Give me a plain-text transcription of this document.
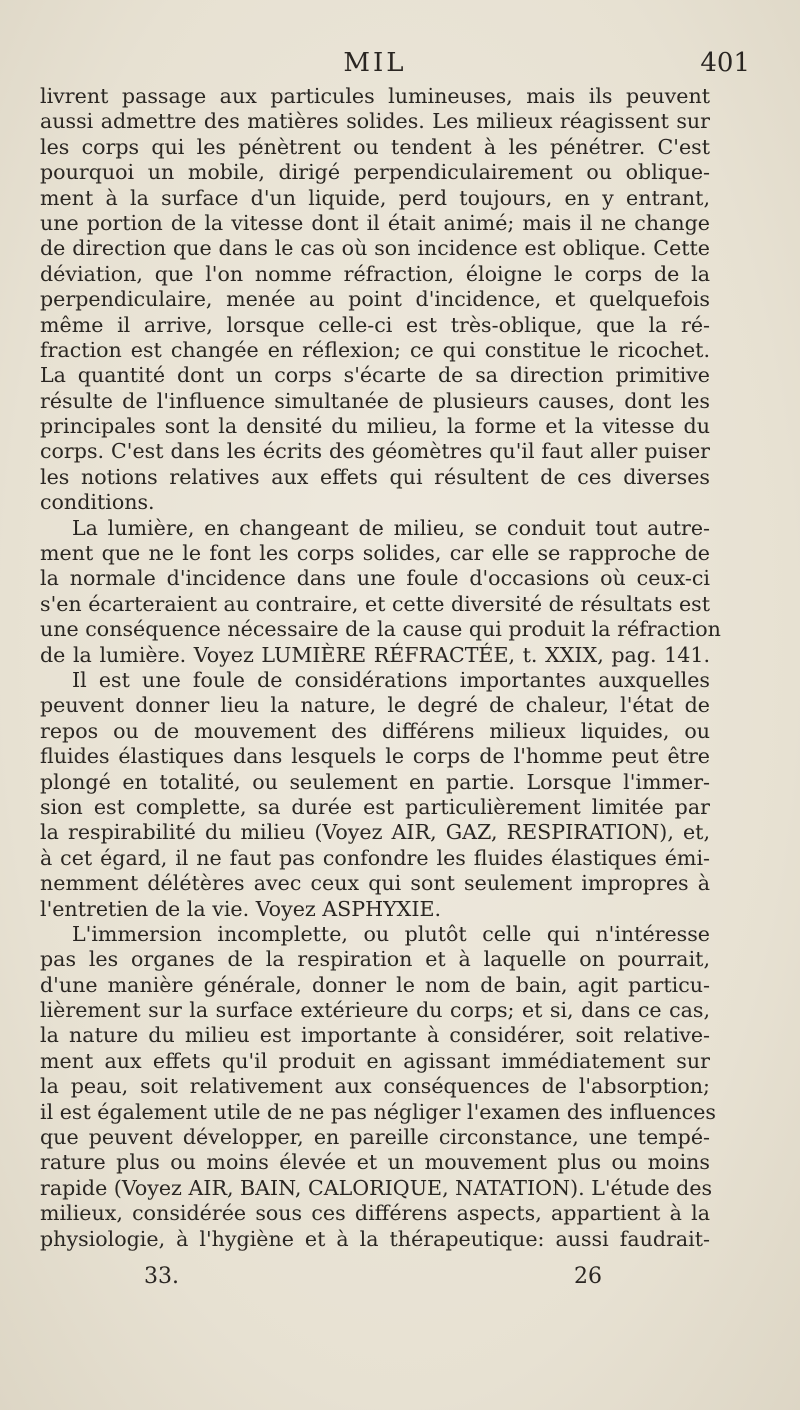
MIL	401
livrent passage aux particules lumineuses, mais ils peuvent
aussi admettre des matières solides. Les milieux réagissent sur
les corps qui les pénètrent ou tendent à les pénétrer. C'est
pourquoi un mobile, dirigé perpendiculairement ou oblique-
ment à la surface d'un liquide, perd toujours, en y entrant,
une portion de la vitesse dont il était animé; mais il ne change
de direction que dans le cas où son incidence est oblique. Cette
déviation, que l'on nomme réfraction, éloigne le corps de la
perpendiculaire, menée au point d'incidence, et quelquefois
même il arrive, lorsque celle-ci est très-oblique, que la ré-
fraction est changée en réflexion; ce qui constitue le ricochet.
La quantité dont un corps s'écarte de sa direction primitive
résulte de l'influence simultanée de plusieurs causes, dont les
principales sont la densité du milieu, la forme et la vitesse du
corps. C'est dans les écrits des géomètres qu'il faut aller puiser
les notions relatives aux effets qui résultent de ces diverses
conditions.
La lumière, en changeant de milieu, se conduit tout autre-
ment que ne le font les corps solides, car elle se rapproche de
la normale d'incidence dans une foule d'occasions où ceux-ci
s'en écarteraient au contraire, et cette diversité de résultats est
une conséquence nécessaire de la cause qui produit la réfraction
de la lumière. Voyez LUMIÈRE RÉFRACTÉE, t. XXIX, pag. 141.
Il est une foule de considérations importantes auxquelles
peuvent donner lieu la nature, le degré de chaleur, l'état de
repos ou de mouvement des différens milieux liquides, ou
fluides élastiques dans lesquels le corps de l'homme peut être
plongé en totalité, ou seulement en partie. Lorsque l'immer-
sion est complette, sa durée est particulièrement limitée par
la respirabilité du milieu (Voyez AIR, GAZ, RESPIRATION), et,
à cet égard, il ne faut pas confondre les fluides élastiques émi-
nemment délétères avec ceux qui sont seulement impropres à
l'entretien de la vie. Voyez ASPHYXIE.
L'immersion incomplette, ou plutôt celle qui n'intéresse
pas les organes de la respiration et à laquelle on pourrait,
d'une manière générale, donner le nom de bain, agit particu-
lièrement sur la surface extérieure du corps; et si, dans ce cas,
la nature du milieu est importante à considérer, soit relative-
ment aux effets qu'il produit en agissant immédiatement sur
la peau, soit relativement aux conséquences de l'absorption;
il est également utile de ne pas négliger l'examen des influences
que peuvent développer, en pareille circonstance, une tempé-
rature plus ou moins élevée et un mouvement plus ou moins
rapide (Voyez AIR, BAIN, CALORIQUE, NATATION). L'étude des
milieux, considérée sous ces différens aspects, appartient à la
physiologie, à l'hygiène et à la thérapeutique: aussi faudrait-
33.	26
